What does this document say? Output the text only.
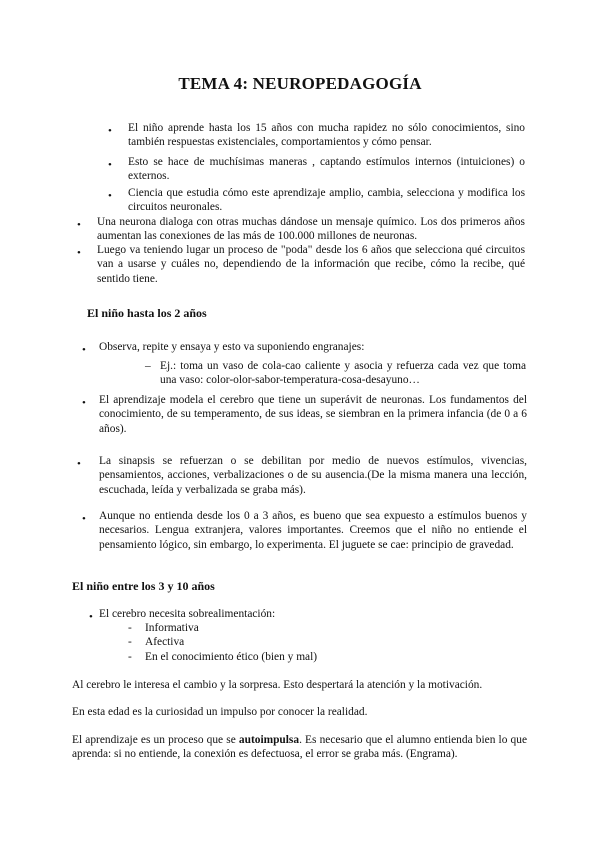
TEMA 4: NEUROPEDAGOGÍA
• El niño aprende hasta los 15 años con mucha rapidez no sólo conocimientos, sino también respuestas existenciales, comportamientos y cómo pensar.
• Esto se hace de muchísimas maneras , captando estímulos internos (intuiciones) o externos.
• Ciencia que estudia cómo este aprendizaje amplio, cambia, selecciona y modifica los circuitos neuronales.
• Una neurona dialoga con otras muchas dándose un mensaje químico. Los dos primeros años aumentan las conexiones de las más de 100.000 millones de neuronas.
• Luego va teniendo lugar un proceso de "poda" desde los 6 años que selecciona qué circuitos van a usarse y cuáles no, dependiendo de la información que recibe, cómo la recibe, qué sentido tiene.
El niño hasta los 2 años
• Observa, repite y ensaya y esto va suponiendo engranajes:
– Ej.: toma un vaso de cola-cao caliente y asocia y refuerza cada vez que toma una vaso: color-olor-sabor-temperatura-cosa-desayuno…
• El aprendizaje modela el cerebro que tiene un superávit de neuronas. Los fundamentos del conocimiento, de su temperamento, de sus ideas, se siembran en la primera infancia (de 0 a 6 años).
• La sinapsis se refuerzan o se debilitan por medio de nuevos estímulos, vivencias, pensamientos, acciones, verbalizaciones o de su ausencia.(De la misma manera una lección, escuchada, leída y verbalizada se graba más).
• Aunque no entienda desde los 0 a 3 años, es bueno que sea expuesto a estímulos buenos y necesarios. Lengua extranjera, valores importantes. Creemos que el niño no entiende el pensamiento lógico, sin embargo, lo experimenta. El juguete se cae: principio de gravedad.
El niño entre los 3 y 10 años
• El cerebro necesita sobrealimentación:
- Informativa
- Afectiva
- En el conocimiento ético (bien y mal)
Al cerebro le interesa el cambio y la sorpresa. Esto despertará la atención y la motivación.
En esta edad es la curiosidad un impulso por conocer la realidad.
El aprendizaje es un proceso que se autoimpulsa. Es necesario que el alumno entienda bien lo que aprenda: si no entiende, la conexión es defectuosa, el error se graba más. (Engrama).
